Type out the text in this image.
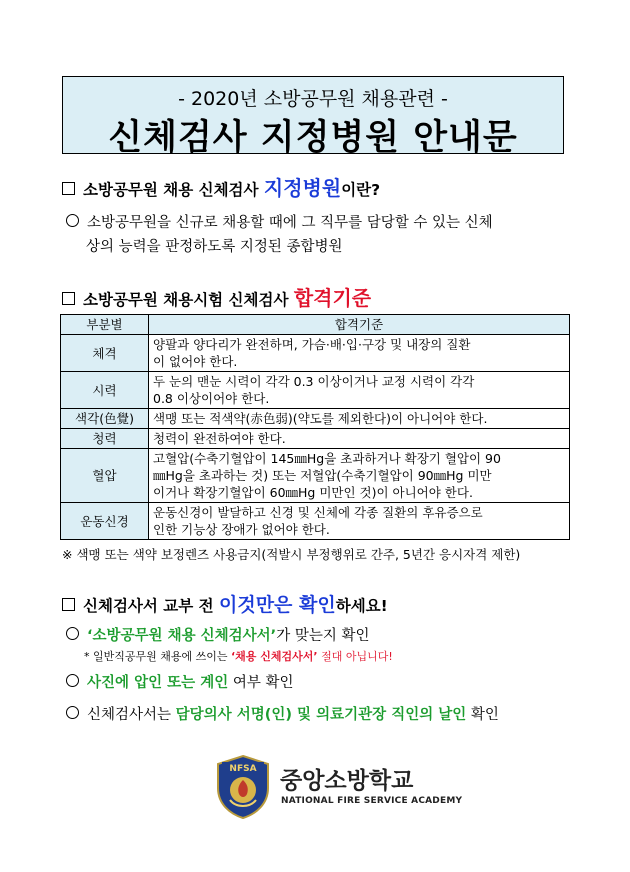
- 2020년 소방공무원 채용관련 -
신체검사 지정병원 안내문
소방공무원 채용 신체검사 지정병원이란?
소방공무원을 신규로 채용할 때에 그 직무를 담당할 수 있는 신체
상의 능력을 판정하도록 지정된 종합병원
소방공무원 채용시험 신체검사 합격기준
부분별	합격기준
체격	양팔과 양다리가 완전하며, 가슴·배·입·구강 및 내장의 질환
이 없어야 한다.
시력	두 눈의 맨눈 시력이 각각 0.3 이상이거나 교정 시력이 각각
0.8 이상이어야 한다.
색각(色覺)	색맹 또는 적색약(赤色弱)(약도를 제외한다)이 아니어야 한다.
청력	청력이 완전하여야 한다.
혈압	고혈압(수축기혈압이 145㎜Hg을 초과하거나 확장기 혈압이 90
㎜Hg을 초과하는 것) 또는 저혈압(수축기혈압이 90㎜Hg 미만
이거나 확장기혈압이 60㎜Hg 미만인 것)이 아니어야 한다.
운동신경	운동신경이 발달하고 신경 및 신체에 각종 질환의 후유증으로
인한 기능상 장애가 없어야 한다.
※ 색맹 또는 색약 보정렌즈 사용금지(적발시 부정행위로 간주, 5년간 응시자격 제한)
신체검사서 교부 전 이것만은 확인하세요!
‘소방공무원 채용 신체검사서’가 맞는지 확인
* 일반직공무원 채용에 쓰이는 ‘채용 신체검사서’ 절대 아닙니다!
사진에 압인 또는 계인 여부 확인
신체검사서는 담당의사 서명(인) 및 의료기관장 직인의 날인 확인
NFSA 중앙소방학교
NATIONAL FIRE SERVICE ACADEMY
